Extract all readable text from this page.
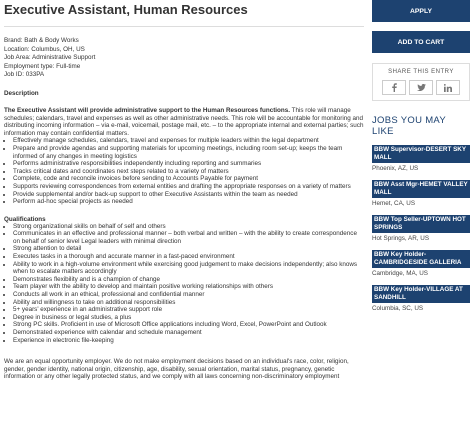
Executive Assistant, Human Resources
Brand: Bath & Body Works
Location: Columbus, OH, US
Job Area: Administrative Support
Employment type: Full-time
Job ID: 033PA
Description
The Executive Assistant will provide administrative support to the Human Resources functions. This role will manage schedules; calendars, travel and expenses as well as other administrative needs. This role will be accountable for monitoring and distributing incoming information – via e-mail, voicemail, postage mail, etc. – to the appropriate internal and external parties; such information may contain confidential matters.
• Effectively manage schedules, calendars, travel and expenses for multiple leaders within the legal department
• Prepare and provide agendas and supporting materials for upcoming meetings, including room set-up; keeps the team informed of any changes in meeting logistics
• Performs administrative responsibilities independently including reporting and summaries
• Tracks critical dates and coordinates next steps related to a variety of matters
• Complete, code and reconcile invoices before sending to Accounts Payable for payment
• Supports reviewing correspondences from external entities and drafting the appropriate responses on a variety of matters
• Provide supplemental and/or back-up support to other Executive Assistants within the team as needed
• Perform ad-hoc special projects as needed
Qualifications
• Strong organizational skills on behalf of self and others
• Communicates in an effective and professional manner – both verbal and written – with the ability to create correspondence on behalf of senior level Legal leaders with minimal direction
• Strong attention to detail
• Executes tasks in a thorough and accurate manner in a fast-paced environment
• Ability to work in a high-volume environment while exercising good judgement to make decisions independently; also knows when to escalate matters accordingly
• Demonstrates flexibility and is a champion of change
• Team player with the ability to develop and maintain positive working relationships with others
• Conducts all work in an ethical, professional and confidential manner
• Ability and willingness to take on additional responsibilities
• 5+ years' experience in an administrative support role
• Degree in business or legal studies, a plus
• Strong PC skills. Proficient in use of Microsoft Office applications including Word, Excel, PowerPoint and Outlook
• Demonstrated experience with calendar and schedule management
• Experience in electronic file-keeping
We are an equal opportunity employer. We do not make employment decisions based on an individual's race, color, religion, gender, gender identity, national origin, citizenship, age, disability, sexual orientation, marital status, pregnancy, genetic information or any other legally protected status, and we comply with all laws concerning non-discriminatory employment
APPLY
ADD TO CART
SHARE THIS ENTRY
JOBS YOU MAY LIKE
BBW Supervisor-DESERT SKY MALL
Phoenix, AZ, US
BBW Asst Mgr-HEMET VALLEY MALL
Hemet, CA, US
BBW Top Seller-UPTOWN HOT SPRINGS
Hot Springs, AR, US
BBW Key Holder-CAMBRIDGESIDE GALLERIA
Cambridge, MA, US
BBW Key Holder-VILLAGE AT SANDHILL
Columbia, SC, US
